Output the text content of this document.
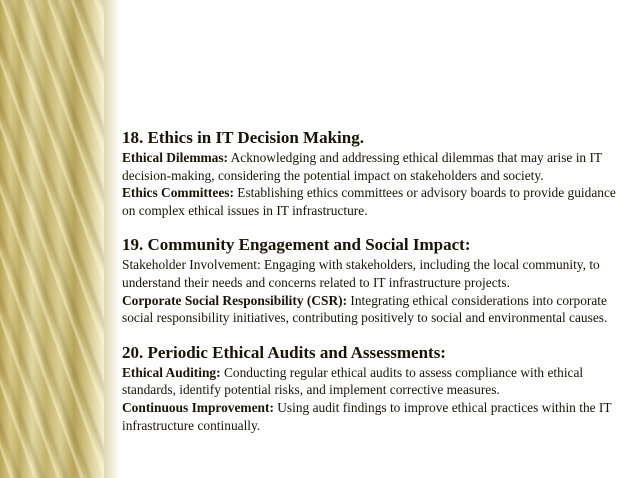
18. Ethics in IT Decision Making.

Ethical Dilemmas: Acknowledging and addressing ethical dilemmas that may arise in IT decision-making, considering the potential impact on stakeholders and society.

Ethics Committees: Establishing ethics committees or advisory boards to provide guidance on complex ethical issues in IT infrastructure.

19. Community Engagement and Social Impact:

Stakeholder Involvement: Engaging with stakeholders, including the local community, to understand their needs and concerns related to IT infrastructure projects.

Corporate Social Responsibility (CSR): Integrating ethical considerations into corporate social responsibility initiatives, contributing positively to social and environmental causes.

20. Periodic Ethical Audits and Assessments:

Ethical Auditing: Conducting regular ethical audits to assess compliance with ethical standards, identify potential risks, and implement corrective measures.

Continuous Improvement: Using audit findings to improve ethical practices within the IT infrastructure continually.
